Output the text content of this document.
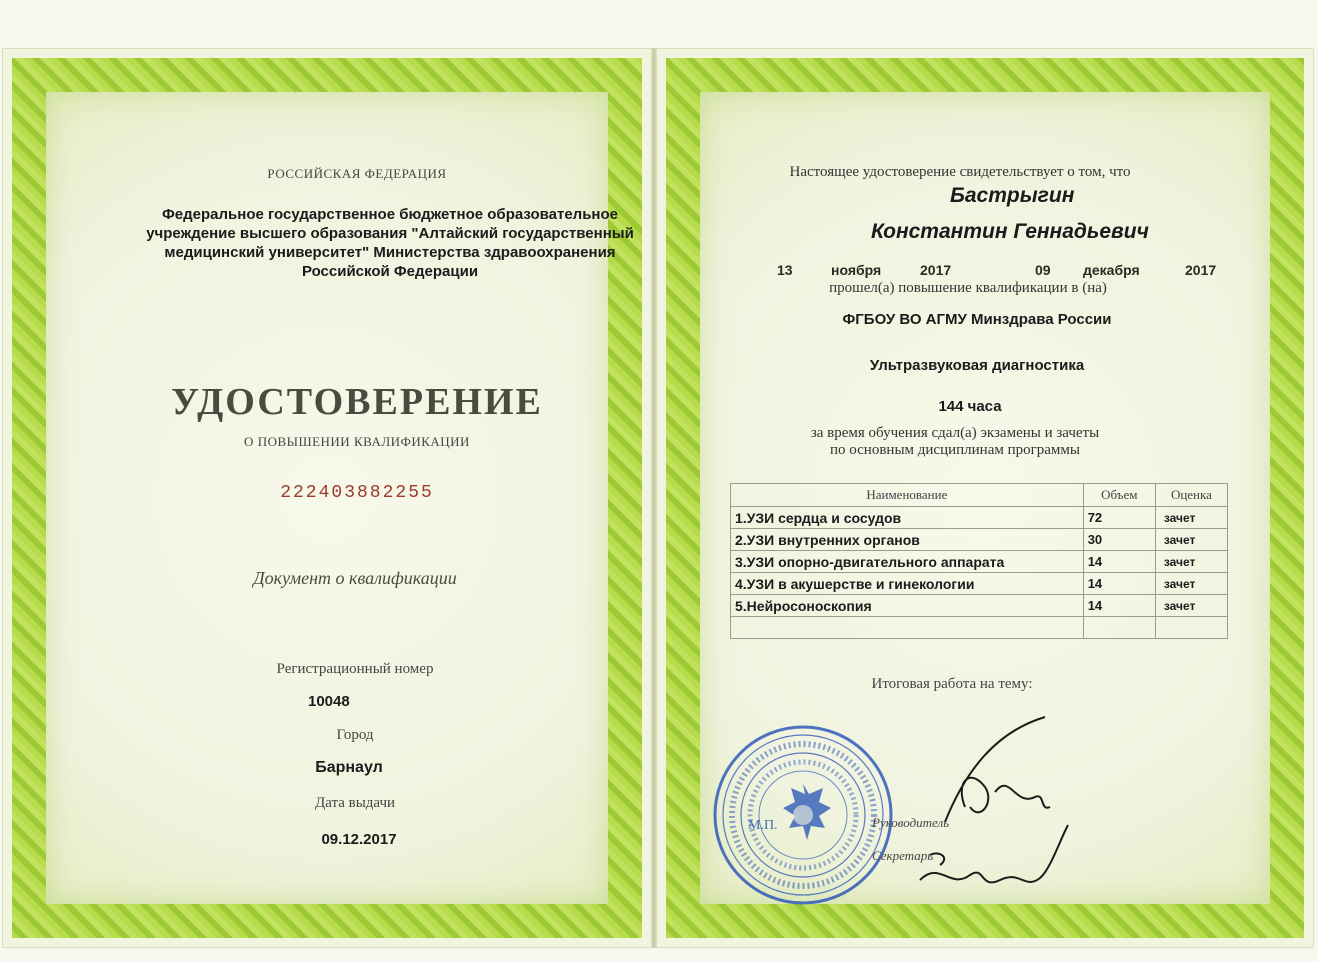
РОССИЙСКАЯ ФЕДЕРАЦИЯ
Федеральное государственное бюджетное образовательное
учреждение высшего образования "Алтайский государственный
медицинский университет" Министерства здравоохранения
Российской Федерации
УДОСТОВЕРЕНИЕ
О ПОВЫШЕНИИ КВАЛИФИКАЦИИ
222403882255
Документ о квалификации
Регистрационный номер
10048
Город
Барнаул
Дата выдачи
09.12.2017
Настоящее удостоверение свидетельствует о том, что
Бастрыгин
Константин Геннадьевич
13	ноября	2017	09 декабря	2017
прошел(а) повышение квалификации в (на)
ФГБОУ ВО АГМУ Минздрава России
Ультразвуковая диагностика
144 часа
за время обучения сдал(а) экзамены и зачеты
по основным дисциплинам программы
Наименование	Объем	Оценка
1.УЗИ сердца и сосудов	72	зачет
2.УЗИ внутренних органов	30	зачет
3.УЗИ опорно-двигательного аппарата	14	зачет
4.УЗИ в акушерстве и гинекологии	14	зачет
5.Нейросоноскопия	14	зачет

Итоговая работа на тему:
М.П.	Руководитель
Секретарь
